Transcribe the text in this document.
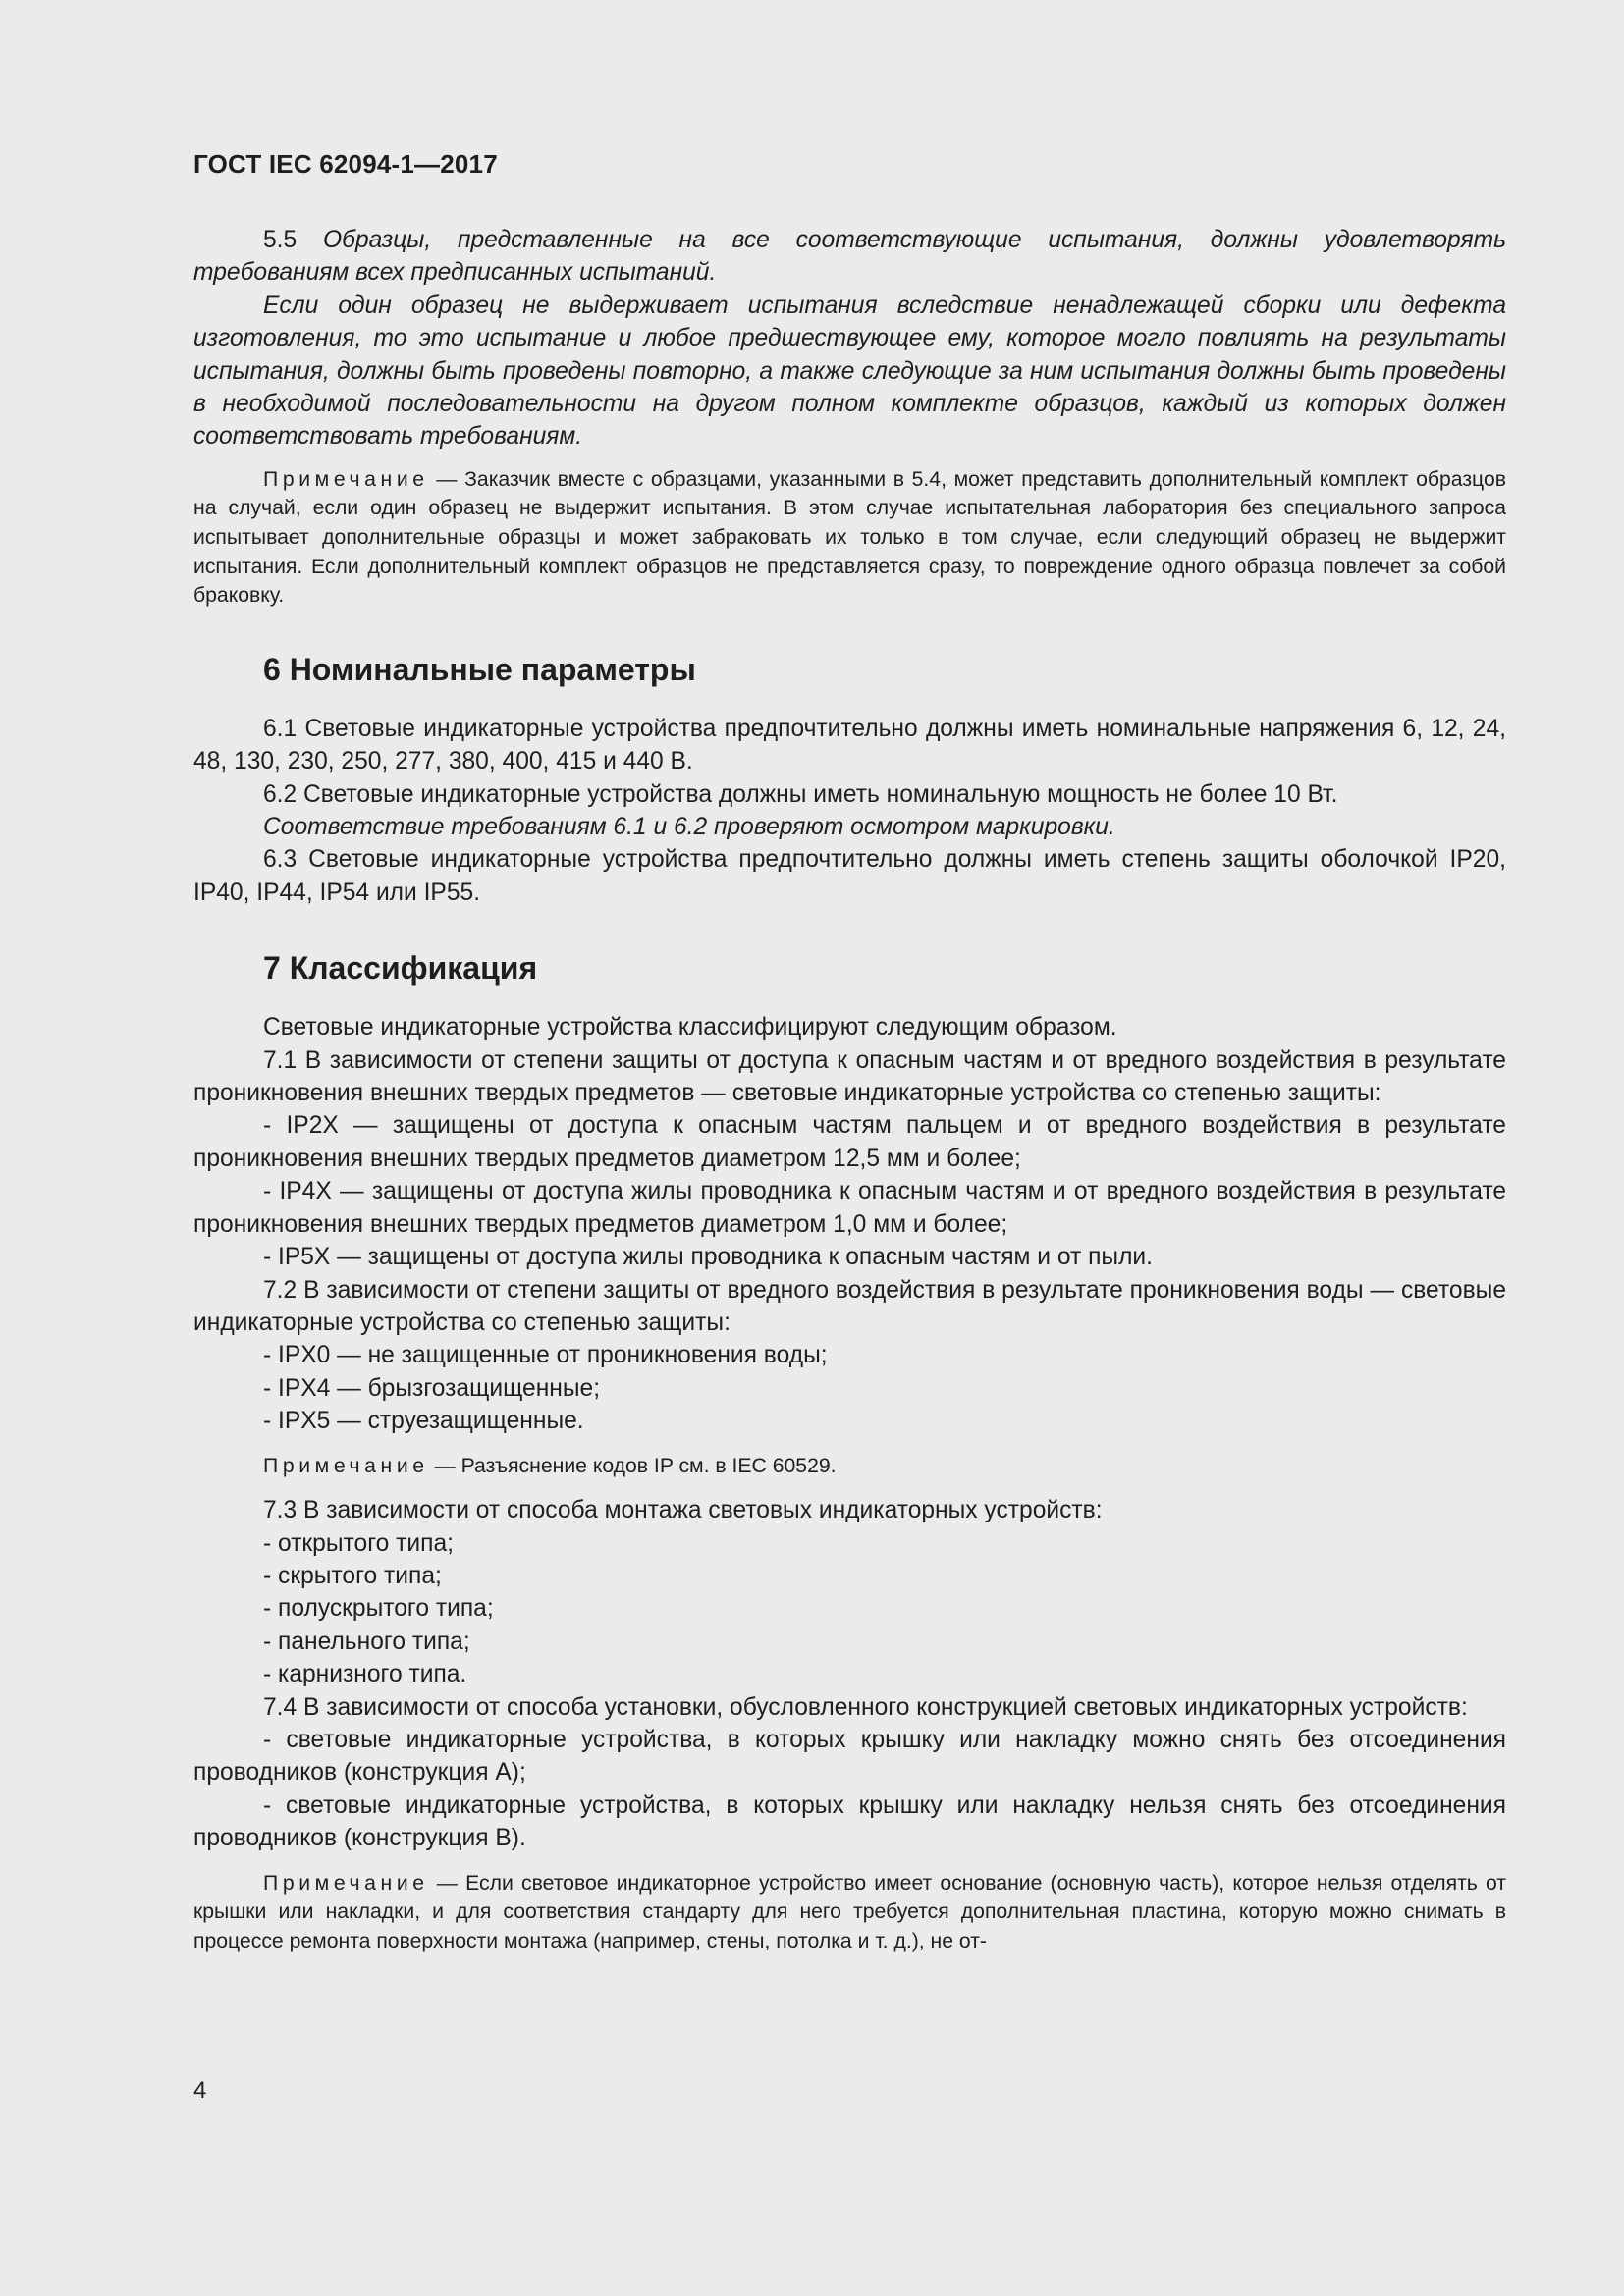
ГОСТ IEC 62094-1—2017

5.5 Образцы, представленные на все соответствующие испытания, должны удовлетворять требованиям всех предписанных испытаний.

Если один образец не выдерживает испытания вследствие ненадлежащей сборки или дефекта изготовления, то это испытание и любое предшествующее ему, которое могло повлиять на результаты испытания, должны быть проведены повторно, а также следующие за ним испытания должны быть проведены в необходимой последовательности на другом полном комплекте образцов, каждый из которых должен соответствовать требованиям.

Примечание — Заказчик вместе с образцами, указанными в 5.4, может представить дополнительный комплект образцов на случай, если один образец не выдержит испытания. В этом случае испытательная лаборатория без специального запроса испытывает дополнительные образцы и может забраковать их только в том случае, если следующий образец не выдержит испытания. Если дополнительный комплект образцов не представляется сразу, то повреждение одного образца повлечет за собой браковку.

6 Номинальные параметры

6.1 Световые индикаторные устройства предпочтительно должны иметь номинальные напряжения 6, 12, 24, 48, 130, 230, 250, 277, 380, 400, 415 и 440 В.

6.2 Световые индикаторные устройства должны иметь номинальную мощность не более 10 Вт.

Соответствие требованиям 6.1 и 6.2 проверяют осмотром маркировки.

6.3 Световые индикаторные устройства предпочтительно должны иметь степень защиты оболочкой IP20, IP40, IP44, IP54 или IP55.

7 Классификация

Световые индикаторные устройства классифицируют следующим образом.

7.1 В зависимости от степени защиты от доступа к опасным частям и от вредного воздействия в результате проникновения внешних твердых предметов — световые индикаторные устройства со степенью защиты:

- IP2X — защищены от доступа к опасным частям пальцем и от вредного воздействия в результате проникновения внешних твердых предметов диаметром 12,5 мм и более;

- IP4X — защищены от доступа жилы проводника к опасным частям и от вредного воздействия в результате проникновения внешних твердых предметов диаметром 1,0 мм и более;

- IP5X — защищены от доступа жилы проводника к опасным частям и от пыли.

7.2 В зависимости от степени защиты от вредного воздействия в результате проникновения воды — световые индикаторные устройства со степенью защиты:

- IPX0 — не защищенные от проникновения воды;

- IPX4 — брызгозащищенные;

- IPX5 — струезащищенные.

Примечание — Разъяснение кодов IP см. в IEC 60529.

7.3 В зависимости от способа монтажа световых индикаторных устройств:

- открытого типа;

- скрытого типа;

- полускрытого типа;

- панельного типа;

- карнизного типа.

7.4 В зависимости от способа установки, обусловленного конструкцией световых индикаторных устройств:

- световые индикаторные устройства, в которых крышку или накладку можно снять без отсоединения проводников (конструкция А);

- световые индикаторные устройства, в которых крышку или накладку нельзя снять без отсоединения проводников (конструкция В).

Примечание — Если световое индикаторное устройство имеет основание (основную часть), которое нельзя отделять от крышки или накладки, и для соответствия стандарту для него требуется дополнительная пластина, которую можно снимать в процессе ремонта поверхности монтажа (например, стены, потолка и т. д.), не от-

4
